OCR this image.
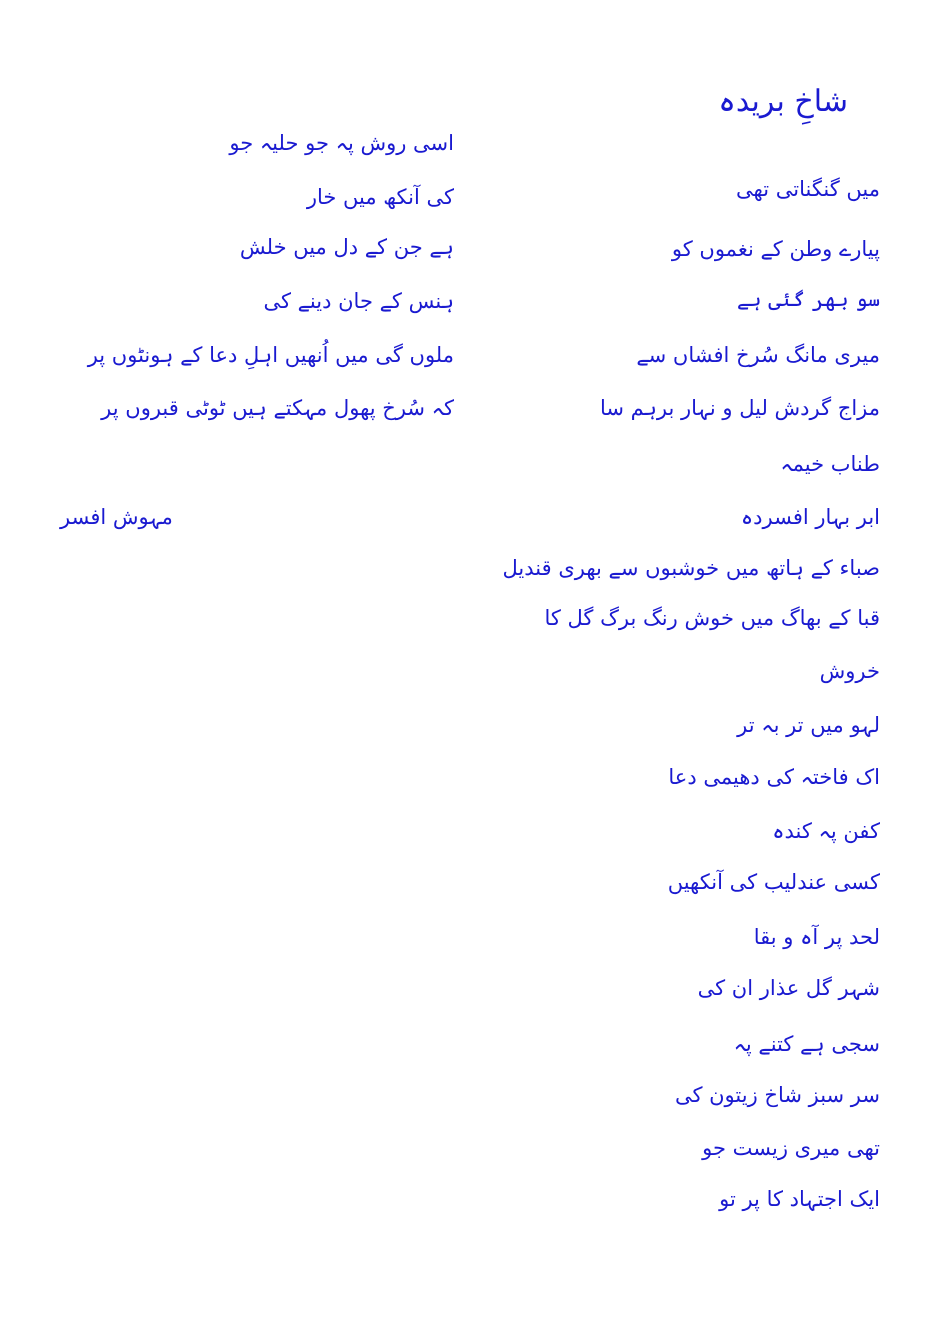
شاخِ بریدہ
میں گنگناتی تھی
پیارے وطن کے نغموں کو
سو بھر گئی ہے
میری مانگ سُرخ افشاں سے
مزاج گردش لیل و نہار برہم سا
طناب خیمہ
ابر بہار افسردہ
صباء کے ہاتھ میں خوشبوں سے بھری قندیل
قبا کے بھاگ میں خوش رنگ برگ گل کا
خروش
لہو میں تر بہ تر
اک فاختہ کی دھیمی دعا
کفن پہ کندہ
کسی عندلیب کی آنکھیں
لحد پر آہ و بقا
شہر گل عذار ان کی
سجی ہے کتنے پہ
سر سبز شاخ زیتون کی
تھی میری زیست جو
ایک اجتہاد کا پر تو
اسی روش پہ جو حلیہ جو
کی آنکھ میں خار
ہے جن کے دل میں خلش
ہنس کے جان دینے کی
ملوں گی میں اُنھیں اہلِ دعا کے ہونٹوں پر
کہ سُرخ پھول مہکتے ہیں ٹوٹی قبروں پر
مہوش افسر
